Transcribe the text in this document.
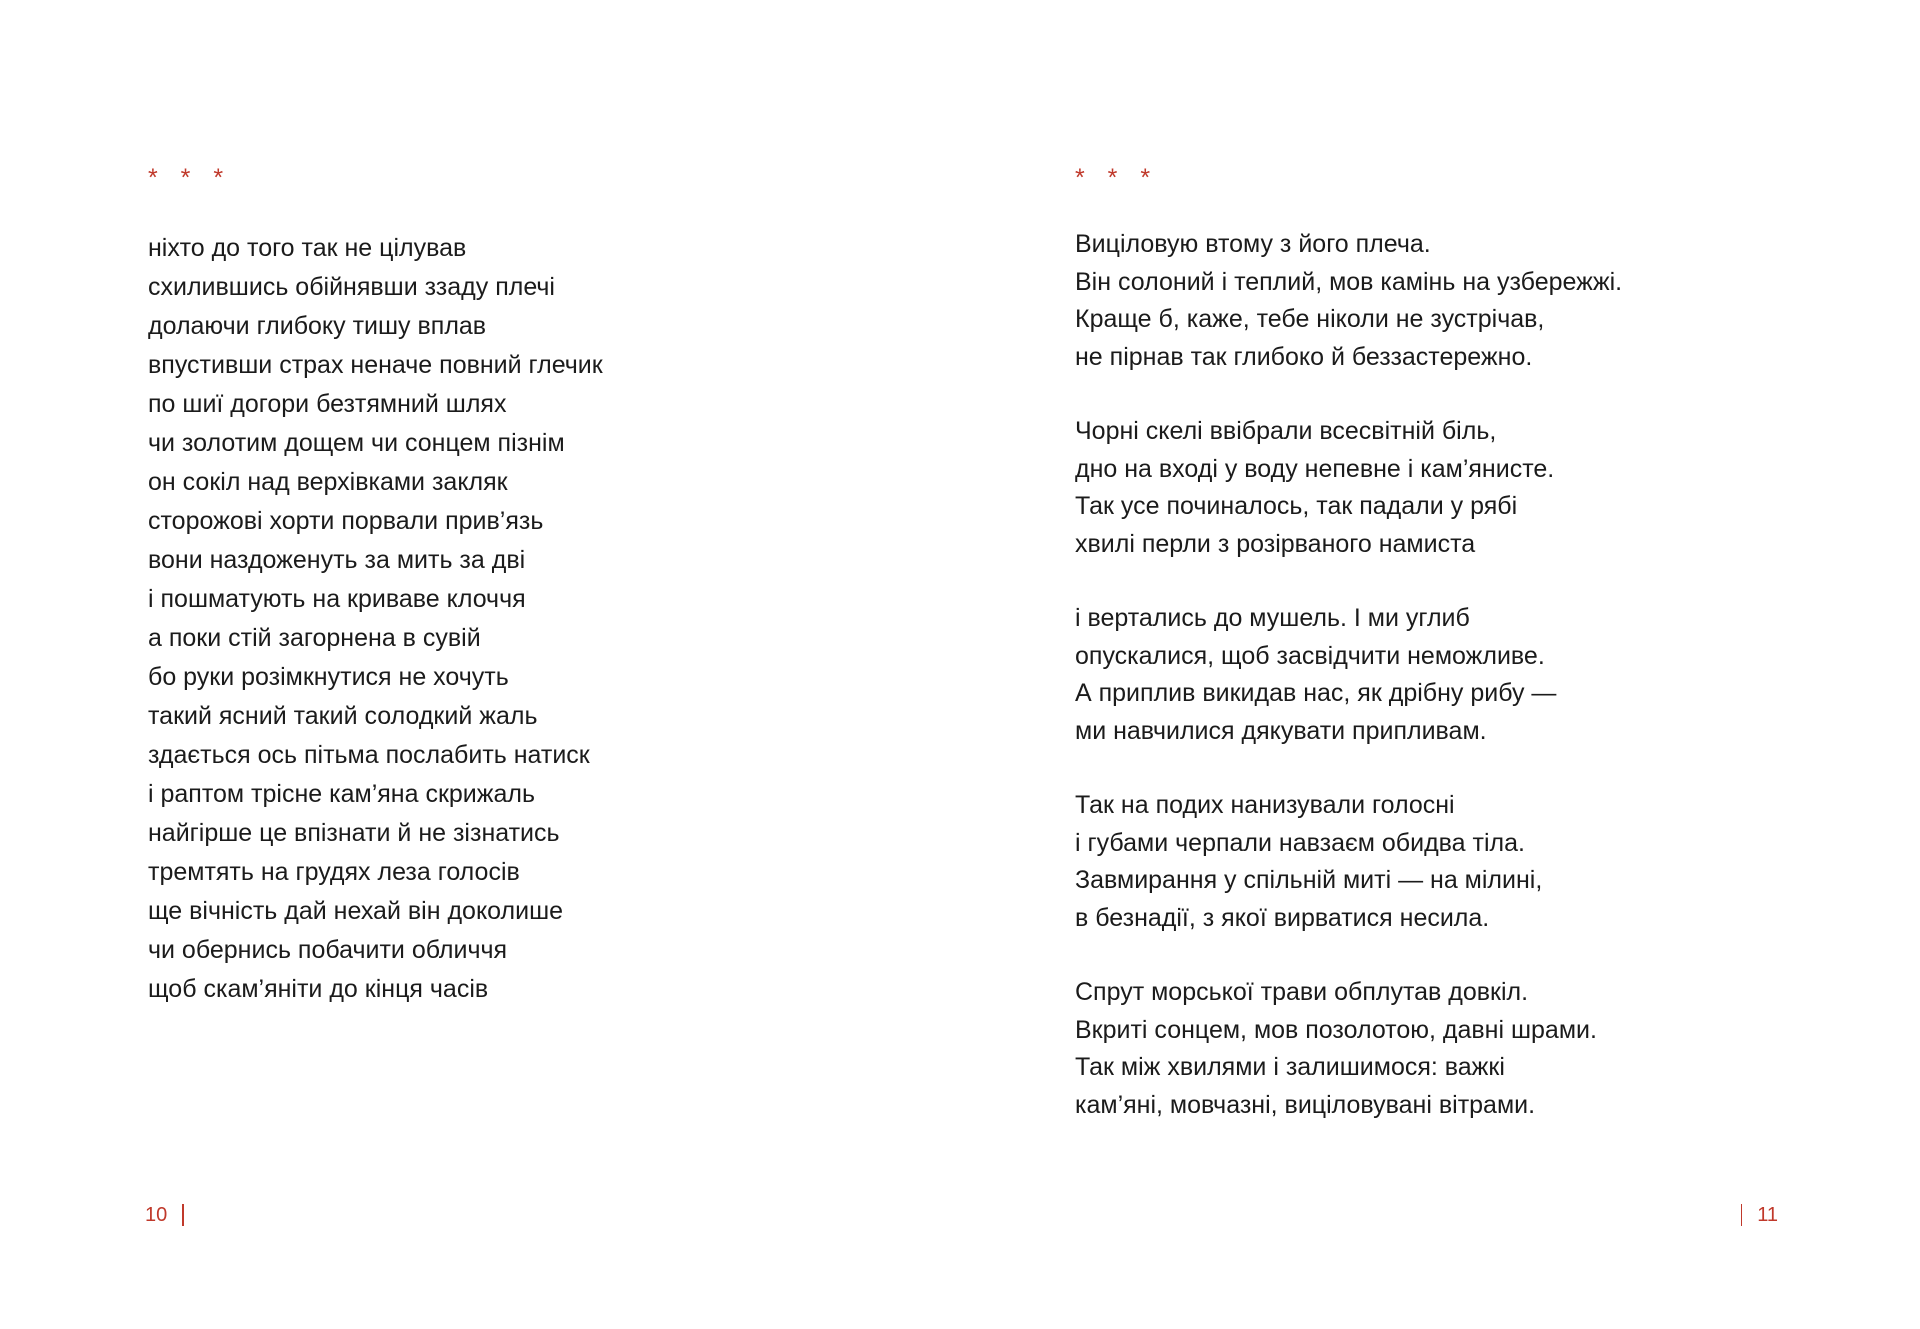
* * *
ніхто до того так не цілував
схилившись обійнявши ззаду плечі
долаючи глибоку тишу вплав
впустивши страх неначе повний глечик
по шиї догори безтямний шлях
чи золотим дощем чи сонцем пізнім
он сокіл над верхівками закляк
сторожові хорти порвали прив’язь
вони наздоженуть за мить за дві
і пошматують на криваве клоччя
а поки стій загорнена в сувій
бо руки розімкнутися не хочуть
такий ясний такий солодкий жаль
здається ось пітьма послабить натиск
і раптом трісне кам’яна скрижаль
найгірше це впізнати й не зізнатись
тремтять на грудях леза голосів
ще вічність дай нехай він доколише
чи обернись побачити обличчя
щоб скам’яніти до кінця часів
10
* * *
Виціловую втому з його плеча.
Він солоний і теплий, мов камінь на узбережжі.
Краще б, каже, тебе ніколи не зустрічав,
не пірнав так глибоко й беззастережно.
Чорні скелі ввібрали всесвітній біль,
дно на вході у воду непевне і кам’янисте.
Так усе починалось, так падали у рябі
хвилі перли з розірваного намиста
і вертались до мушель. І ми углиб
опускалися, щоб засвідчити неможливе.
А приплив викидав нас, як дрібну рибу —
ми навчилися дякувати припливам.
Так на подих нанизували голосні
і губами черпали навзаєм обидва тіла.
Завмирання у спільній миті — на мілині,
в безнадії, з якої вирватися несила.
Спрут морської трави обплутав довкіл.
Вкриті сонцем, мов позолотою, давні шрами.
Так між хвилями і залишимося: важкі
кам’яні, мовчазні, виціловувані вітрами.
11
